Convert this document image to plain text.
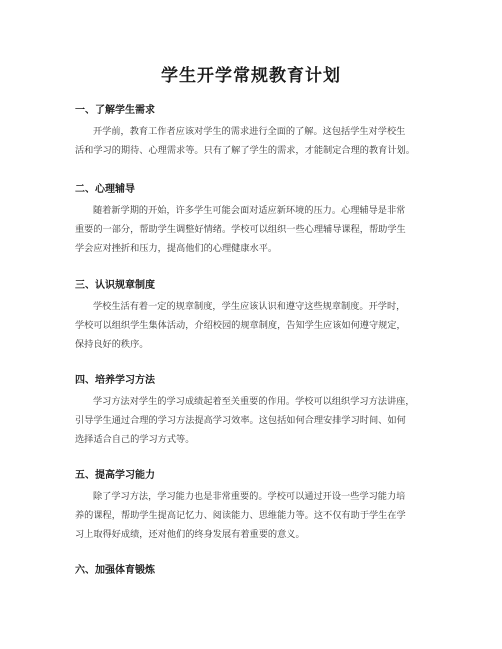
学生开学常规教育计划
一、了解学生需求
开学前，教育工作者应该对学生的需求进行全面的了解。这包括学生对学校生
活和学习的期待、心理需求等。只有了解了学生的需求，才能制定合理的教育计划。
二、心理辅导
随着新学期的开始，许多学生可能会面对适应新环境的压力。心理辅导是非常
重要的一部分，帮助学生调整好情绪。学校可以组织一些心理辅导课程，帮助学生
学会应对挫折和压力，提高他们的心理健康水平。
三、认识规章制度
学校生活有着一定的规章制度，学生应该认识和遵守这些规章制度。开学时，
学校可以组织学生集体活动，介绍校园的规章制度，告知学生应该如何遵守规定，
保持良好的秩序。
四、培养学习方法
学习方法对学生的学习成绩起着至关重要的作用。学校可以组织学习方法讲座，
引导学生通过合理的学习方法提高学习效率。这包括如何合理安排学习时间、如何
选择适合自己的学习方式等。
五、提高学习能力
除了学习方法，学习能力也是非常重要的。学校可以通过开设一些学习能力培
养的课程，帮助学生提高记忆力、阅读能力、思维能力等。这不仅有助于学生在学
习上取得好成绩，还对他们的终身发展有着重要的意义。
六、加强体育锻炼
